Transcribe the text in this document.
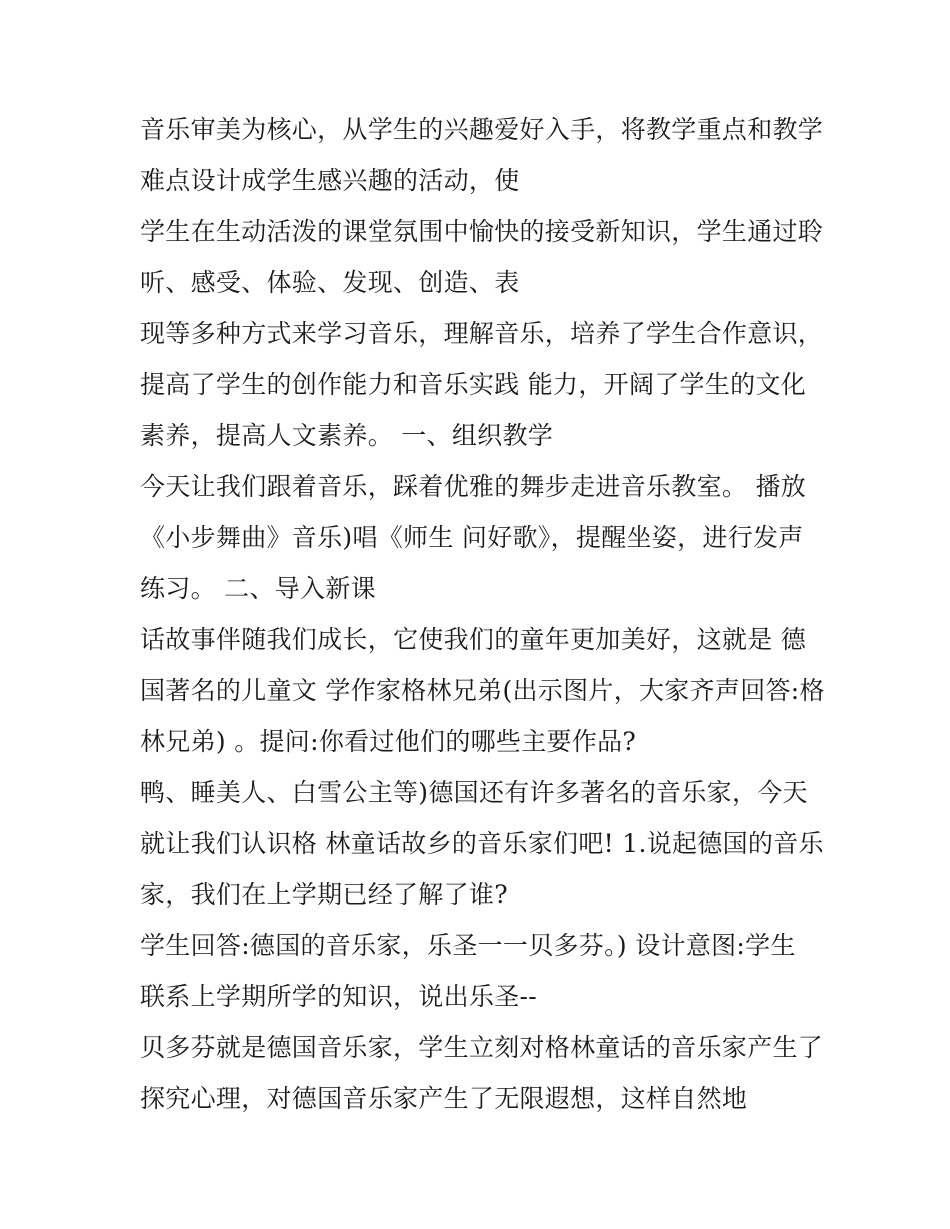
音乐审美为核心，从学生的兴趣爱好入手，将教学重点和教学
难点设计成学生感兴趣的活动，使
学生在生动活泼的课堂氛围中愉快的接受新知识，学生通过聆
听、感受、体验、发现、创造、表
现等多种方式来学习音乐，理解音乐，培养了学生合作意识，
提高了学生的创作能力和音乐实践 能力，开阔了学生的文化
素养，提高人文素养。 一、组织教学
今天让我们跟着音乐，踩着优雅的舞步走进音乐教室。 播放
《小步舞曲》音乐)唱《师生 问好歌》，提醒坐姿，进行发声
练习。 二、导入新课
话故事伴随我们成长，它使我们的童年更加美好，这就是 德
国著名的儿童文 学作家格林兄弟(出示图片，大家齐声回答:格
林兄弟) 。提问:你看过他们的哪些主要作品?
鸭、睡美人、白雪公主等)德国还有许多著名的音乐家，今天
就让我们认识格 林童话故乡的音乐家们吧! 1.说起德国的音乐
家，我们在上学期已经了解了谁?
学生回答:德国的音乐家，乐圣一一贝多芬。) 设计意图:学生
联系上学期所学的知识，说出乐圣--
贝多芬就是德国音乐家，学生立刻对格林童话的音乐家产生了
探究心理，对德国音乐家产生了无限遐想，这样自然地
